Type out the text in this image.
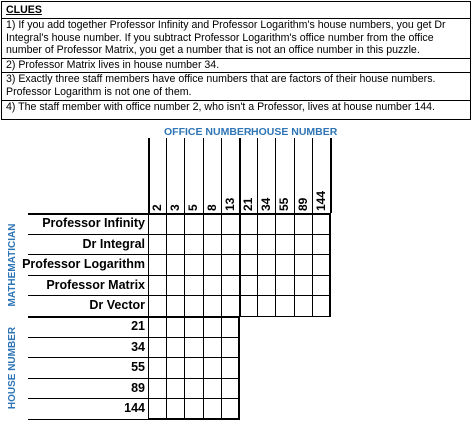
CLUES
1) If you add together Professor Infinity and Professor Logarithm's house numbers, you get Dr Integral's house number. If you subtract Professor Logarithm's office number from the office number of Professor Matrix, you get a number that is not an office number in this puzzle.
2) Professor Matrix lives in house number 34.
3) Exactly three staff members have office numbers that are factors of their house numbers. Professor Logarithm is not one of them.
4) The staff member with office number 2, who isn't a Professor, lives at house number 144.
OFFICE NUMBER HOUSE NUMBER
2 3 5 8 13 21 34 55 89 144
Professor Infinity
Dr Integral
Professor Logarithm
Professor Matrix
Dr Vector
21
34
55
89
144
MATHEMATICIAN
HOUSE NUMBER
